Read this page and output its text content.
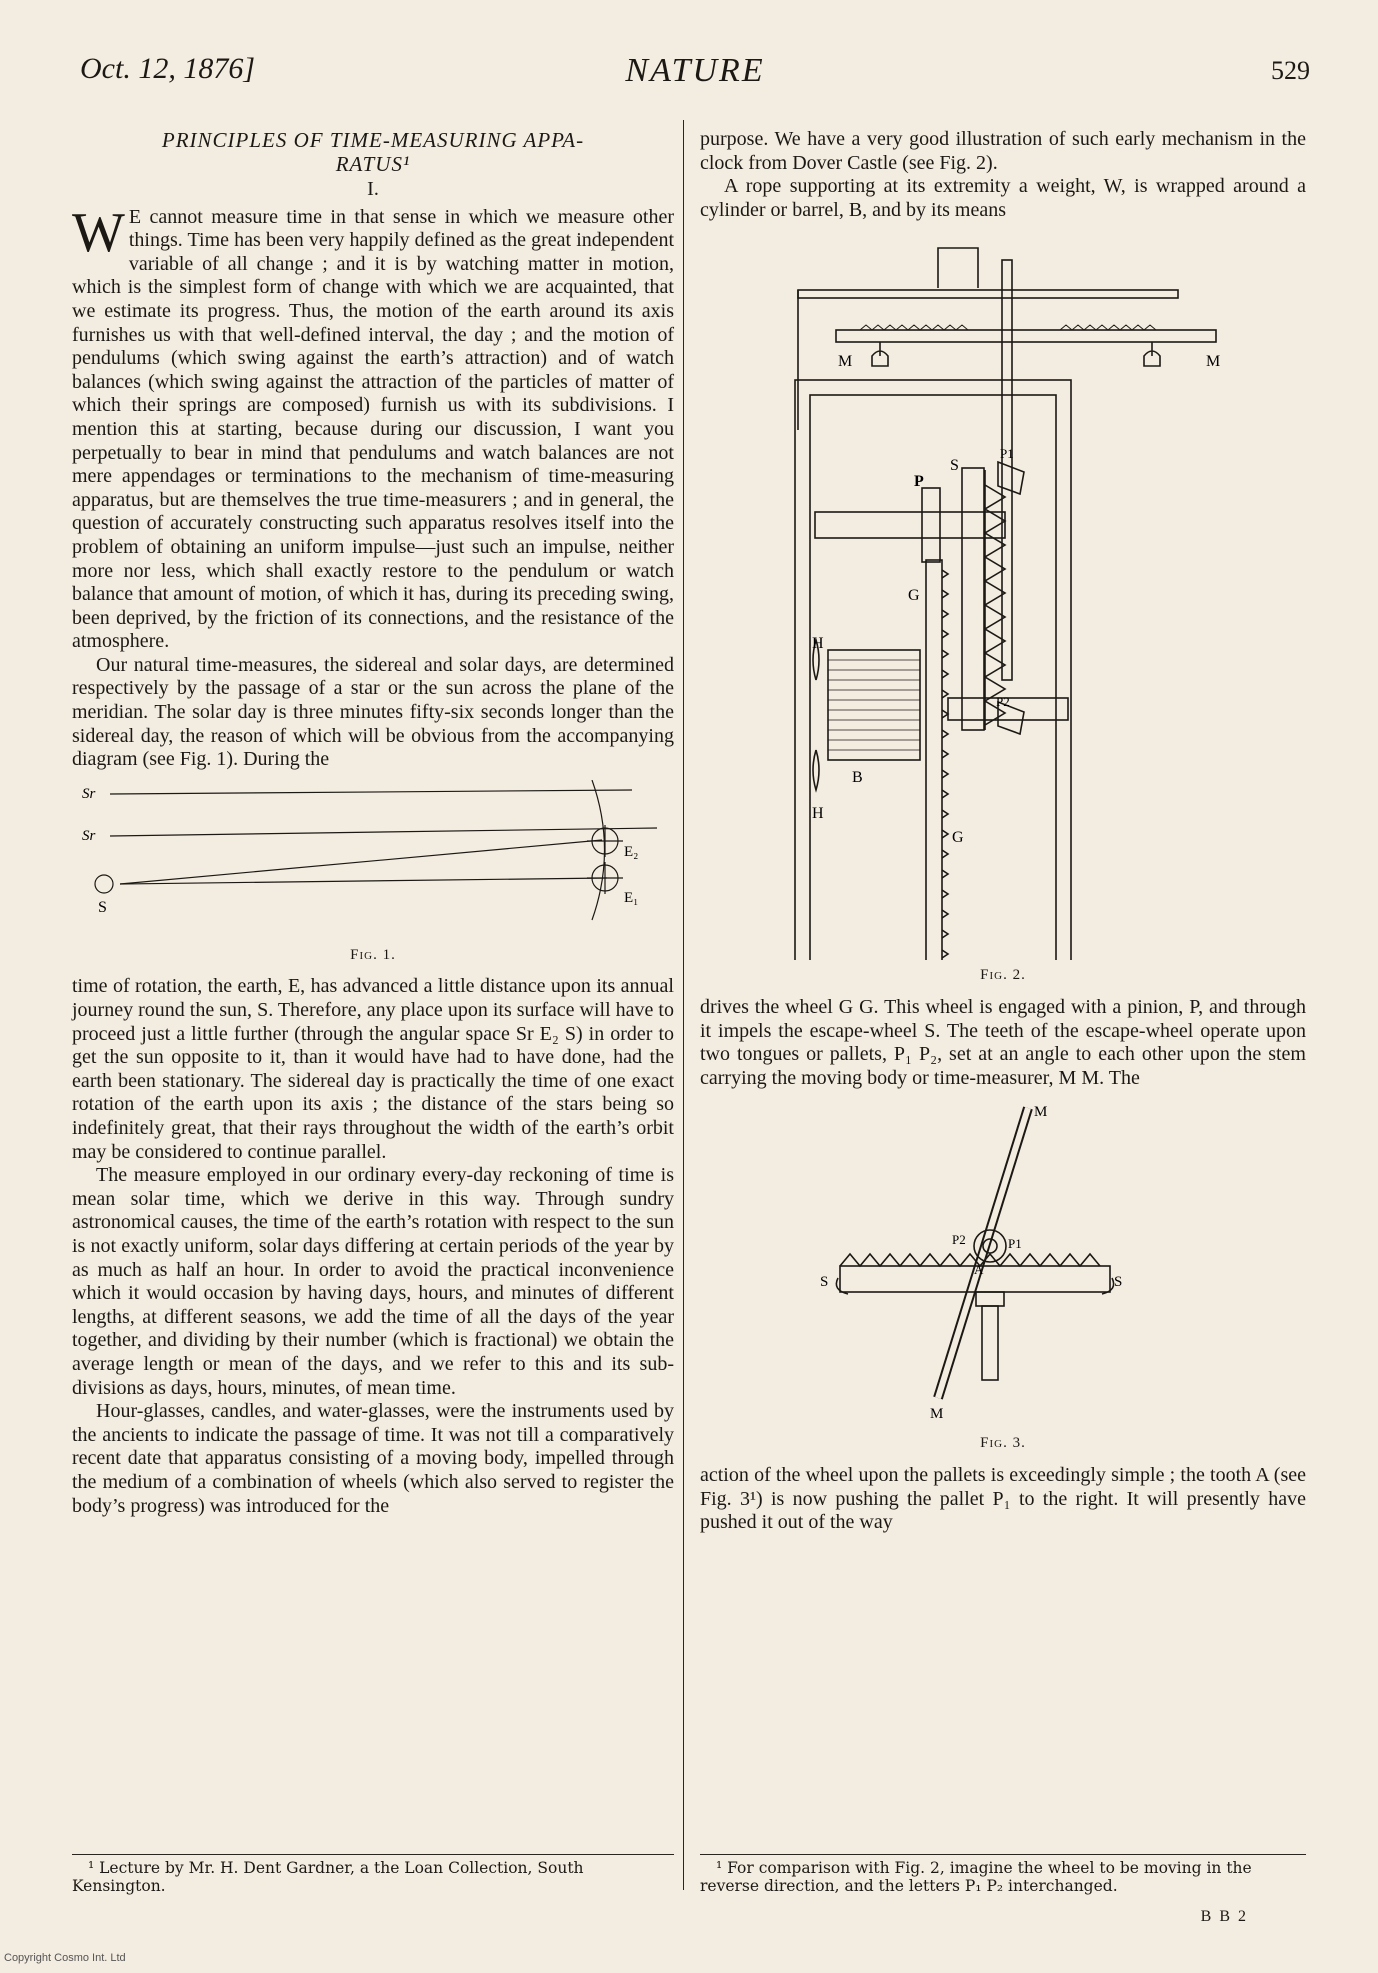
Oct. 12, 1876]	NATURE	529

PRINCIPLES OF TIME-MEASURING APPA-

RATUS¹

I.

W E cannot measure time in that sense in which we measure other things. Time has been very happily defined as the great independent variable of all change ; and it is by watching matter in motion, which is the simplest form of change with which we are acquainted, that we estimate its progress. Thus, the motion of the earth around its axis furnishes us with that well-defined interval, the day ; and the motion of pendulums (which swing against the earth’s attraction) and of watch balances (which swing against the attraction of the particles of matter of which their springs are composed) furnish us with its subdivisions. I mention this at starting, because during our discussion, I want you perpetually to bear in mind that pendulums and watch balances are not mere appendages or terminations to the mechanism of time-measuring apparatus, but are themselves the true time-measurers ; and in general, the question of accurately constructing such apparatus resolves itself into the problem of obtaining an uniform impulse—just such an impulse, neither more nor less, which shall exactly restore to the pendulum or watch balance that amount of motion, of which it has, during its preceding swing, been deprived, by the friction of its connections, and the resistance of the atmosphere.

Our natural time-measures, the sidereal and solar days, are determined respectively by the passage of a star or the sun across the plane of the meridian. The solar day is three minutes fifty-six seconds longer than the sidereal day, the reason of which will be obvious from the accompanying diagram (see Fig. 1). During the

Sr
Sr
S
E₂
E₁
Fig. 1.

time of rotation, the earth, E, has advanced a little distance upon its annual journey round the sun, S. Therefore, any place upon its surface will have to proceed just a little further (through the angular space Sr E₂ S) in order to get the sun opposite to it, than it would have had to have done, had the earth been stationary. The sidereal day is practically the time of one exact rotation of the earth upon its axis ; the distance of the stars being so indefinitely great, that their rays throughout the width of the earth’s orbit may be considered to continue parallel.

The measure employed in our ordinary every-day reckoning of time is mean solar time, which we derive in this way. Through sundry astronomical causes, the time of the earth’s rotation with respect to the sun is not exactly uniform, solar days differing at certain periods of the year by as much as half an hour. In order to avoid the practical inconvenience which it would occasion by having days, hours, and minutes of different lengths, at different seasons, we add the time of all the days of the year together, and dividing by their number (which is fractional) we obtain the average length or mean of the days, and we refer to this and its sub-divisions as days, hours, minutes, of mean time.

Hour-glasses, candles, and water-glasses, were the instruments used by the ancients to indicate the passage of time. It was not till a comparatively recent date that apparatus consisting of a moving body, impelled through the medium of a combination of wheels (which also served to register the body’s progress) was introduced for the

purpose. We have a very good illustration of such early mechanism in the clock from Dover Castle (see Fig. 2).

A rope supporting at its extremity a weight, W, is wrapped around a cylinder or barrel, B, and by its means

M	M
S
P1
P
G
P2
H
H
B
G
Fig. 2.

drives the wheel G G. This wheel is engaged with a pinion, P, and through it impels the escape-wheel S. The teeth of the escape-wheel operate upon two tongues or pallets, P₁ P₂, set at an angle to each other upon the stem carrying the moving body or time-measurer, M M. The

M
M
S	S
P2	P1
A
Fig. 3.

action of the wheel upon the pallets is exceedingly simple ; the tooth A (see Fig. 3¹) is now pushing the pallet P₁ to the right. It will presently have pushed it out of the way

¹ Lecture by Mr. H. Dent Gardner, a the Loan Collection, South Kensington.

¹ For comparison with Fig. 2, imagine the wheel to be moving in the reverse direction, and the letters P₁ P₂ interchanged.

B B 2
Copyright Cosmo Int. Ltd
